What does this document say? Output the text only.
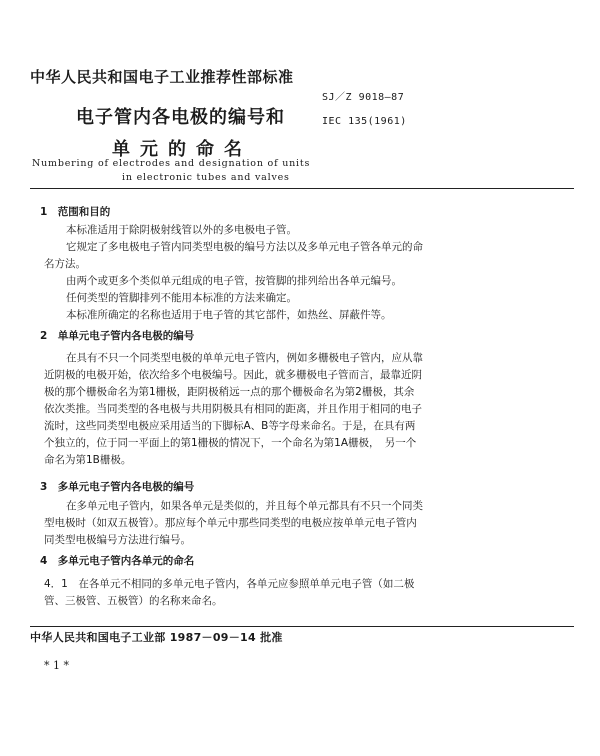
中华人民共和国电子工业推荐性部标准
SJ／Z 9018—87
电子管内各电极的编号和	IEC 135(1961)
单元的命名
Numbering of electrodes and designation of units
in electronic tubes and valves
1　范围和目的
本标准适用于除阴极射线管以外的多电极电子管。
它规定了多电极电子管内同类型电极的编号方法以及多单元电子管各单元的命
名方法。
由两个或更多个类似单元组成的电子管，按管脚的排列给出各单元编号。
任何类型的管脚排列不能用本标准的方法来确定。
本标准所确定的名称也适用于电子管的其它部件，如热丝、屏蔽件等。
2　单单元电子管内各电极的编号
在具有不只一个同类型电极的单单元电子管内，例如多栅极电子管内，应从靠
近阴极的电极开始，依次给多个电极编号。因此，就多栅极电子管而言，最靠近阴
极的那个栅极命名为第1栅极，距阴极稍远一点的那个栅极命名为第2栅极，其余
依次类推。当同类型的各电极与共用阴极具有相同的距离，并且作用于相同的电子
流时，这些同类型电极应采用适当的下脚标A、B等字母来命名。于是，在具有两
个独立的，位于同一平面上的第1栅极的情况下，一个命名为第1A栅极，　另一个
命名为第1B栅极。
3　多单元电子管内各电极的编号
在多单元电子管内，如果各单元是类似的，并且每个单元都具有不只一个同类
型电极时（如双五极管）。那应每个单元中那些同类型的电极应按单单元电子管内
同类型电极编号方法进行编号。
4　多单元电子管内各单元的命名
4．1　在各单元不相同的多单元电子管内，各单元应参照单单元电子管（如二极
管、三极管、五极管）的名称来命名。
中华人民共和国电子工业部 1987－09－14 批准
* 1 *
